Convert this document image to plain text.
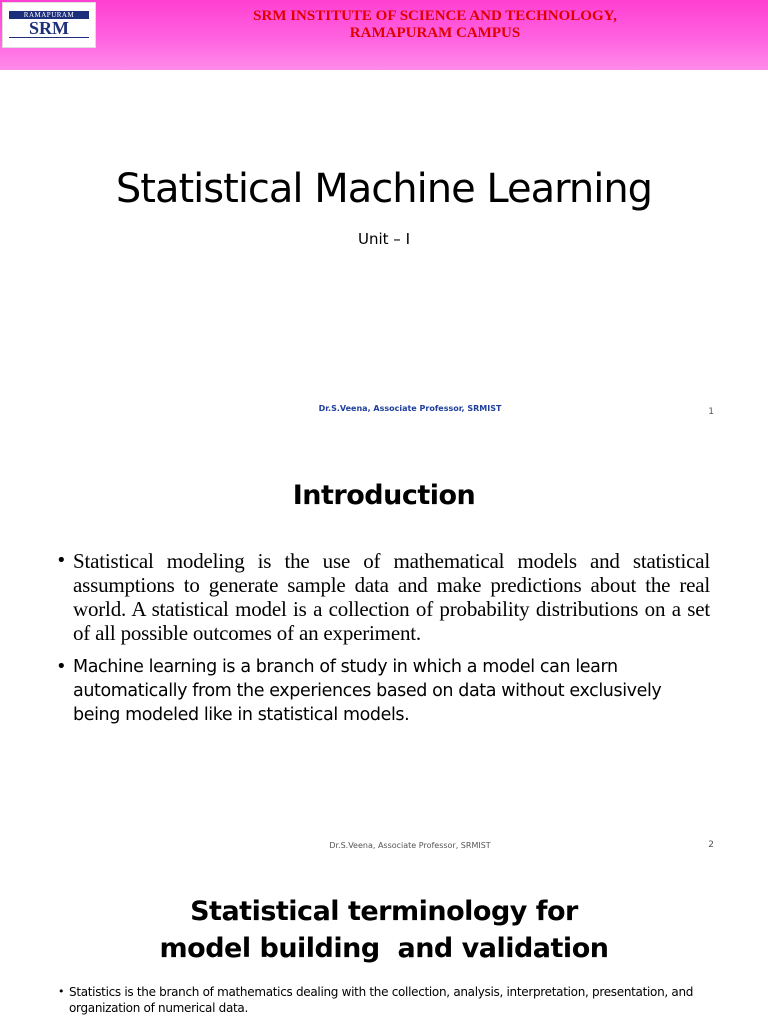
RAMAPURAM
SRM
SRM INSTITUTE OF SCIENCE AND TECHNOLOGY,
RAMAPURAM CAMPUS
Statistical Machine Learning
Unit – I
Dr.S.Veena, Associate Professor, SRMIST	1
Introduction
• Statistical modeling is the use of mathematical models and statistical assumptions to generate sample data and make predictions about the real world. A statistical model is a collection of probability distributions on a set of all possible outcomes of an experiment.
• Machine learning is a branch of study in which a model can learn automatically from the experiences based on data without exclusively being modeled like in statistical models.
Dr.S.Veena, Associate Professor, SRMIST	2
Statistical terminology for
model building  and validation
• Statistics is the branch of mathematics dealing with the collection, analysis, interpretation, presentation, and organization of numerical data.
